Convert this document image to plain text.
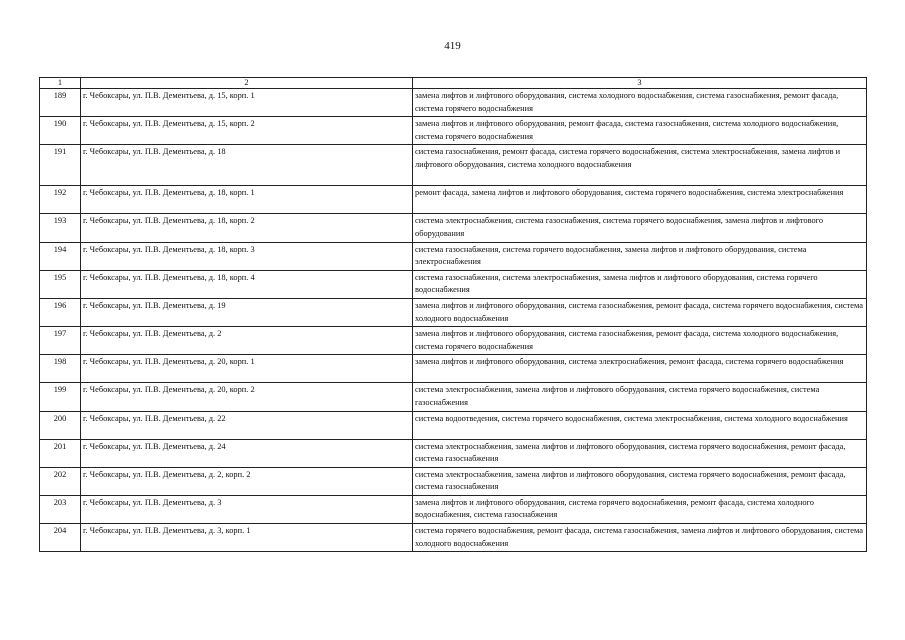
419
1	2	3
189	г. Чебоксары, ул. П.В. Дементьева, д. 15, корп. 1	замена лифтов и лифтового оборудования, система холодного водоснабжения, система газоснабжения, ремонт фасада, система горячего водоснабжения
190	г. Чебоксары, ул. П.В. Дементьева, д. 15, корп. 2	замена лифтов и лифтового оборудования, ремонт фасада, система газоснабжения, система холодного водоснабжения, система горячего водоснабжения
191	г. Чебоксары, ул. П.В. Дементьева, д. 18	система газоснабжения, ремонт фасада, система горячего водоснабжения, система электроснабжения, замена лифтов и лифтового оборудования, система холодного водоснабжения
192	г. Чебоксары, ул. П.В. Дементьева, д. 18, корп. 1	ремонт фасада, замена лифтов и лифтового оборудования, система горячего водоснабжения, система электроснабжения
193	г. Чебоксары, ул. П.В. Дементьева, д. 18, корп. 2	система электроснабжения, система газоснабжения, система горячего водоснабжения, замена лифтов и лифтового оборудования
194	г. Чебоксары, ул. П.В. Дементьева, д. 18, корп. 3	система газоснабжения, система горячего водоснабжения, замена лифтов и лифтового оборудования, система электроснабжения
195	г. Чебоксары, ул. П.В. Дементьева, д. 18, корп. 4	система газоснабжения, система электроснабжения, замена лифтов и лифтового оборудования, система горячего водоснабжения
196	г. Чебоксары, ул. П.В. Дементьева, д. 19	замена лифтов и лифтового оборудования, система газоснабжения, ремонт фасада, система горячего водоснабжения, система холодного водоснабжения
197	г. Чебоксары, ул. П.В. Дементьева, д. 2	замена лифтов и лифтового оборудования, система газоснабжения, ремонт фасада, система холодного водоснабжения, система горячего водоснабжения
198	г. Чебоксары, ул. П.В. Дементьева, д. 20, корп. 1	замена лифтов и лифтового оборудования, система электроснабжения, ремонт фасада, система горячего водоснабжения
199	г. Чебоксары, ул. П.В. Дементьева, д. 20, корп. 2	система электроснабжения, замена лифтов и лифтового оборудования, система горячего водоснабжения, система газоснабжения
200	г. Чебоксары, ул. П.В. Дементьева, д. 22	система водоотведения, система горячего водоснабжения, система электроснабжения, система холодного водоснабжения
201	г. Чебоксары, ул. П.В. Дементьева, д. 24	система электроснабжения, замена лифтов и лифтового оборудования, система горячего водоснабжения, ремонт фасада, система газоснабжения
202	г. Чебоксары, ул. П.В. Дементьева, д. 2, корп. 2	система электроснабжения, замена лифтов и лифтового оборудования, система горячего водоснабжения, ремонт фасада, система газоснабжения
203	г. Чебоксары, ул. П.В. Дементьева, д. 3	замена лифтов и лифтового оборудования, система горячего водоснабжения, ремонт фасада, система холодного водоснабжения, система газоснабжения
204	г. Чебоксары, ул. П.В. Дементьева, д. 3, корп. 1	система горячего водоснабжения, ремонт фасада, система газоснабжения, замена лифтов и лифтового оборудования, система холодного водоснабжения
